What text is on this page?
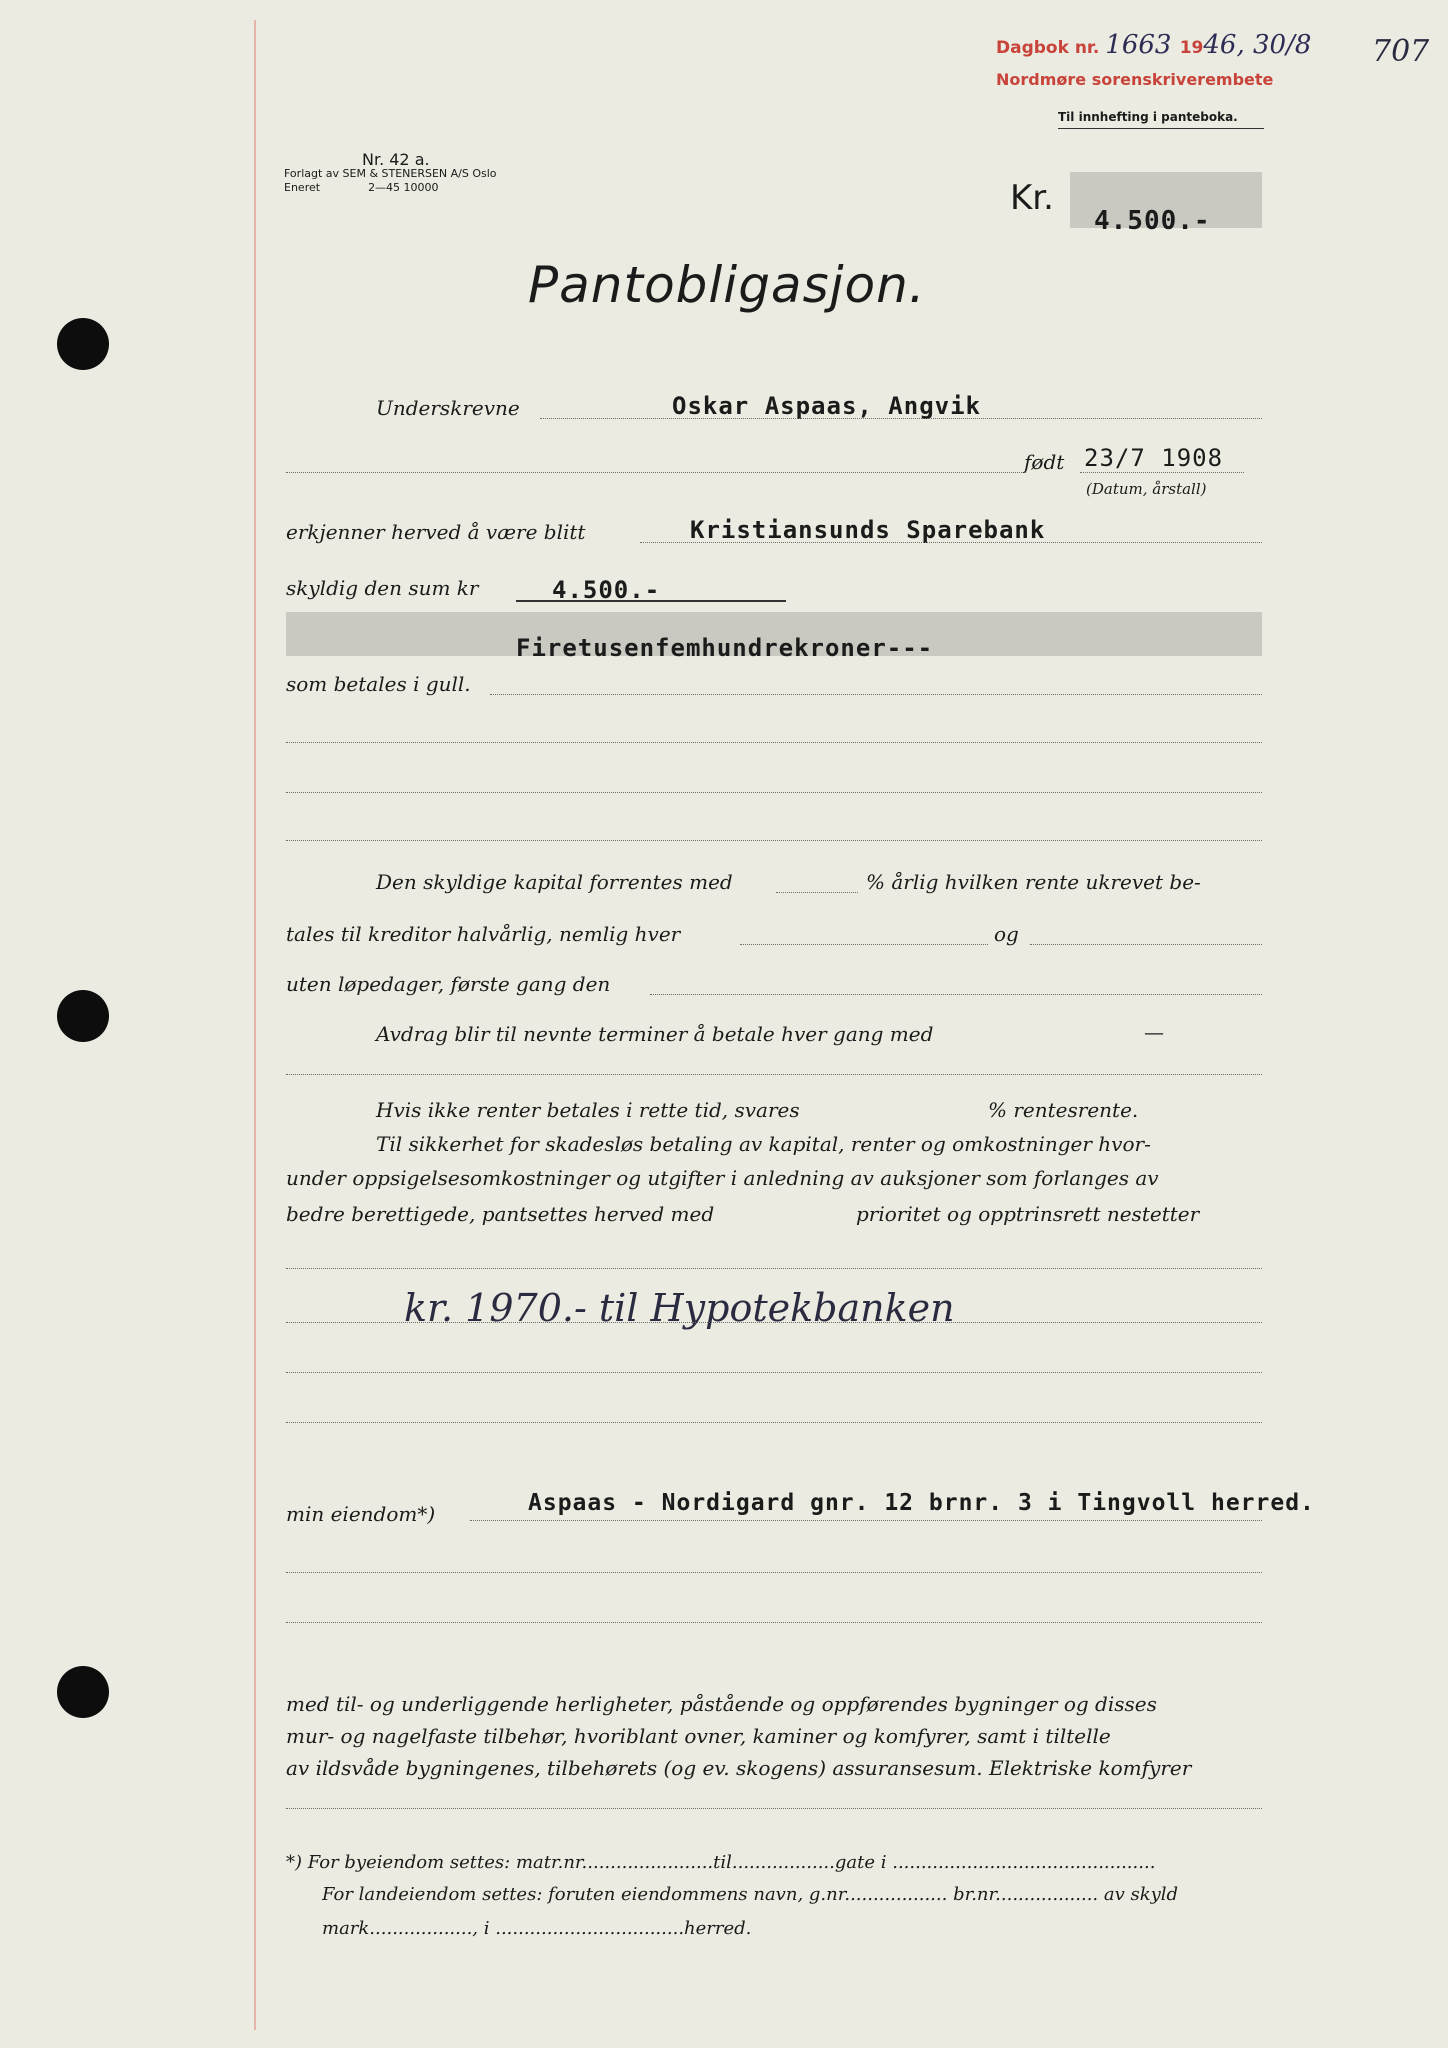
Dagbok nr. 1663 1946, 30/8
Nordmøre sorenskriverembete
707
Nr. 42 a.
Forlagt av SEM & STENERSEN A/S Oslo
Eneret	2—45 10000
Til innhefting i panteboka.
Kr.
4.500.-
Pantobligasjon.
Underskrevne	Oskar Aspaas, Angvik
født 23/7 1908
(Datum, årstall)
erkjenner herved å være blitt	Kristiansunds Sparebank
skyldig den sum kr	4.500.-
Firetusenfemhundrekroner---
som betales i gull.
Den skyldige kapital forrentes med	% årlig hvilken rente ukrevet be-
tales til kreditor halvårlig, nemlig hver	og
uten løpedager, første gang den
Avdrag blir til nevnte terminer å betale hver gang med	—
Hvis ikke renter betales i rette tid, svares	% rentesrente.
Til sikkerhet for skadesløs betaling av kapital, renter og omkostninger hvor-
under oppsigelsesomkostninger og utgifter i anledning av auksjoner som forlanges av
bedre berettigede, pantsettes herved med	prioritet og opptrinsrett nestetter
kr. 1970.- til Hypotekbanken
min eiendom*)	Aspaas - Nordigard gnr. 12 brnr. 3 i Tingvoll herred.
med til- og underliggende herligheter, påstående og oppførendes bygninger og disses
mur- og nagelfaste tilbehør, hvoriblant ovner, kaminer og komfyrer, samt i tiltelle
av ildsvåde bygningenes, tilbehørets (og ev. skogens) assuransesum. Elektriske komfyrer
*) For byeiendom settes: matr.nr.......................til..................gate i ..............................................
For landeiendom settes: foruten eiendommens navn, g.nr.................. br.nr.................. av skyld
mark.................., i .................................herred.
